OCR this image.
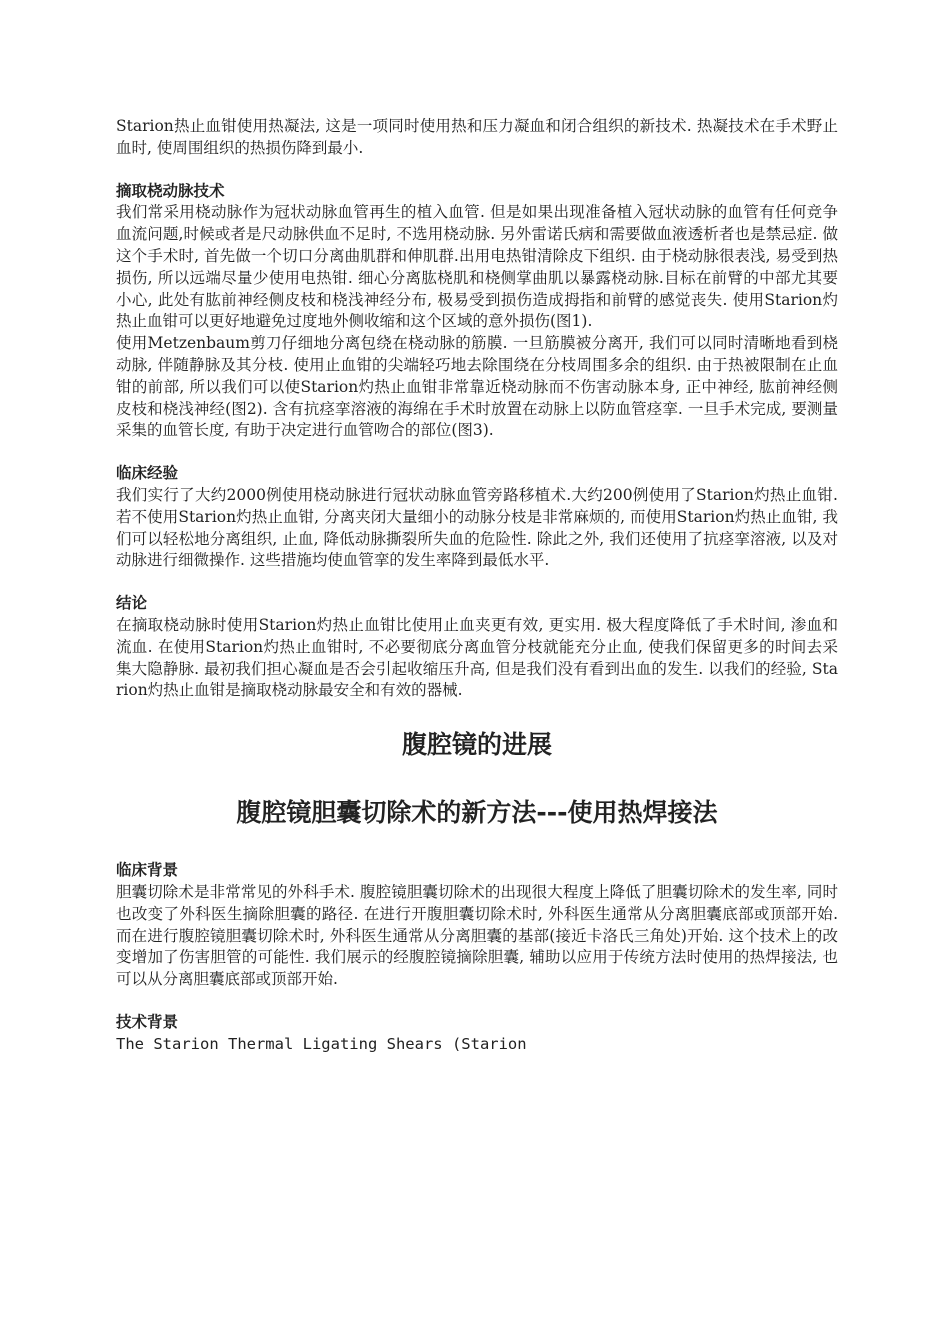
Starion热止血钳使用热凝法, 这是一项同时使用热和压力凝血和闭合组织的新技术. 热凝技术在手术野止血时, 使周围组织的热损伤降到最小.

摘取桡动脉技术

我们常采用桡动脉作为冠状动脉血管再生的植入血管. 但是如果出现准备植入冠状动脉的血管有任何竞争血流问题,时候或者是尺动脉供血不足时, 不选用桡动脉. 另外雷诺氏病和需要做血液透析者也是禁忌症. 做这个手术时, 首先做一个切口分离曲肌群和伸肌群.出用电热钳清除皮下组织. 由于桡动脉很表浅, 易受到热损伤, 所以远端尽量少使用电热钳. 细心分离肱桡肌和桡侧掌曲肌以暴露桡动脉.目标在前臂的中部尤其要小心, 此处有肱前神经侧皮枝和桡浅神经分布, 极易受到损伤造成拇指和前臂的感觉丧失. 使用Starion灼热止血钳可以更好地避免过度地外侧收缩和这个区域的意外损伤(图1).

使用Metzenbaum剪刀仔细地分离包绕在桡动脉的筋膜. 一旦筋膜被分离开, 我们可以同时清晰地看到桡动脉, 伴随静脉及其分枝. 使用止血钳的尖端轻巧地去除围绕在分枝周围多余的组织. 由于热被限制在止血钳的前部, 所以我们可以使Starion灼热止血钳非常靠近桡动脉而不伤害动脉本身, 正中神经, 肱前神经侧皮枝和桡浅神经(图2). 含有抗痉挛溶液的海绵在手术时放置在动脉上以防血管痉挛. 一旦手术完成, 要测量采集的血管长度, 有助于决定进行血管吻合的部位(图3).

临床经验

我们实行了大约2000例使用桡动脉进行冠状动脉血管旁路移植术.大约200例使用了Starion灼热止血钳. 若不使用Starion灼热止血钳, 分离夹闭大量细小的动脉分枝是非常麻烦的, 而使用Starion灼热止血钳, 我们可以轻松地分离组织, 止血, 降低动脉撕裂所失血的危险性. 除此之外, 我们还使用了抗痉挛溶液, 以及对动脉进行细微操作. 这些措施均使血管挛的发生率降到最低水平.

结论

在摘取桡动脉时使用Starion灼热止血钳比使用止血夹更有效, 更实用. 极大程度降低了手术时间, 渗血和流血. 在使用Starion灼热止血钳时, 不必要彻底分离血管分枝就能充分止血, 使我们保留更多的时间去采集大隐静脉. 最初我们担心凝血是否会引起收缩压升高, 但是我们没有看到出血的发生. 以我们的经验, Starion灼热止血钳是摘取桡动脉最安全和有效的器械.

腹腔镜的进展

腹腔镜胆囊切除术的新方法---使用热焊接法

临床背景

胆囊切除术是非常常见的外科手术. 腹腔镜胆囊切除术的出现很大程度上降低了胆囊切除术的发生率, 同时也改变了外科医生摘除胆囊的路径. 在进行开腹胆囊切除术时, 外科医生通常从分离胆囊底部或顶部开始. 而在进行腹腔镜胆囊切除术时, 外科医生通常从分离胆囊的基部(接近卡洛氏三角处)开始. 这个技术上的改变增加了伤害胆管的可能性. 我们展示的经腹腔镜摘除胆囊, 辅助以应用于传统方法时使用的热焊接法, 也可以从分离胆囊底部或顶部开始.

技术背景

The Starion Thermal Ligating Shears (Starion
